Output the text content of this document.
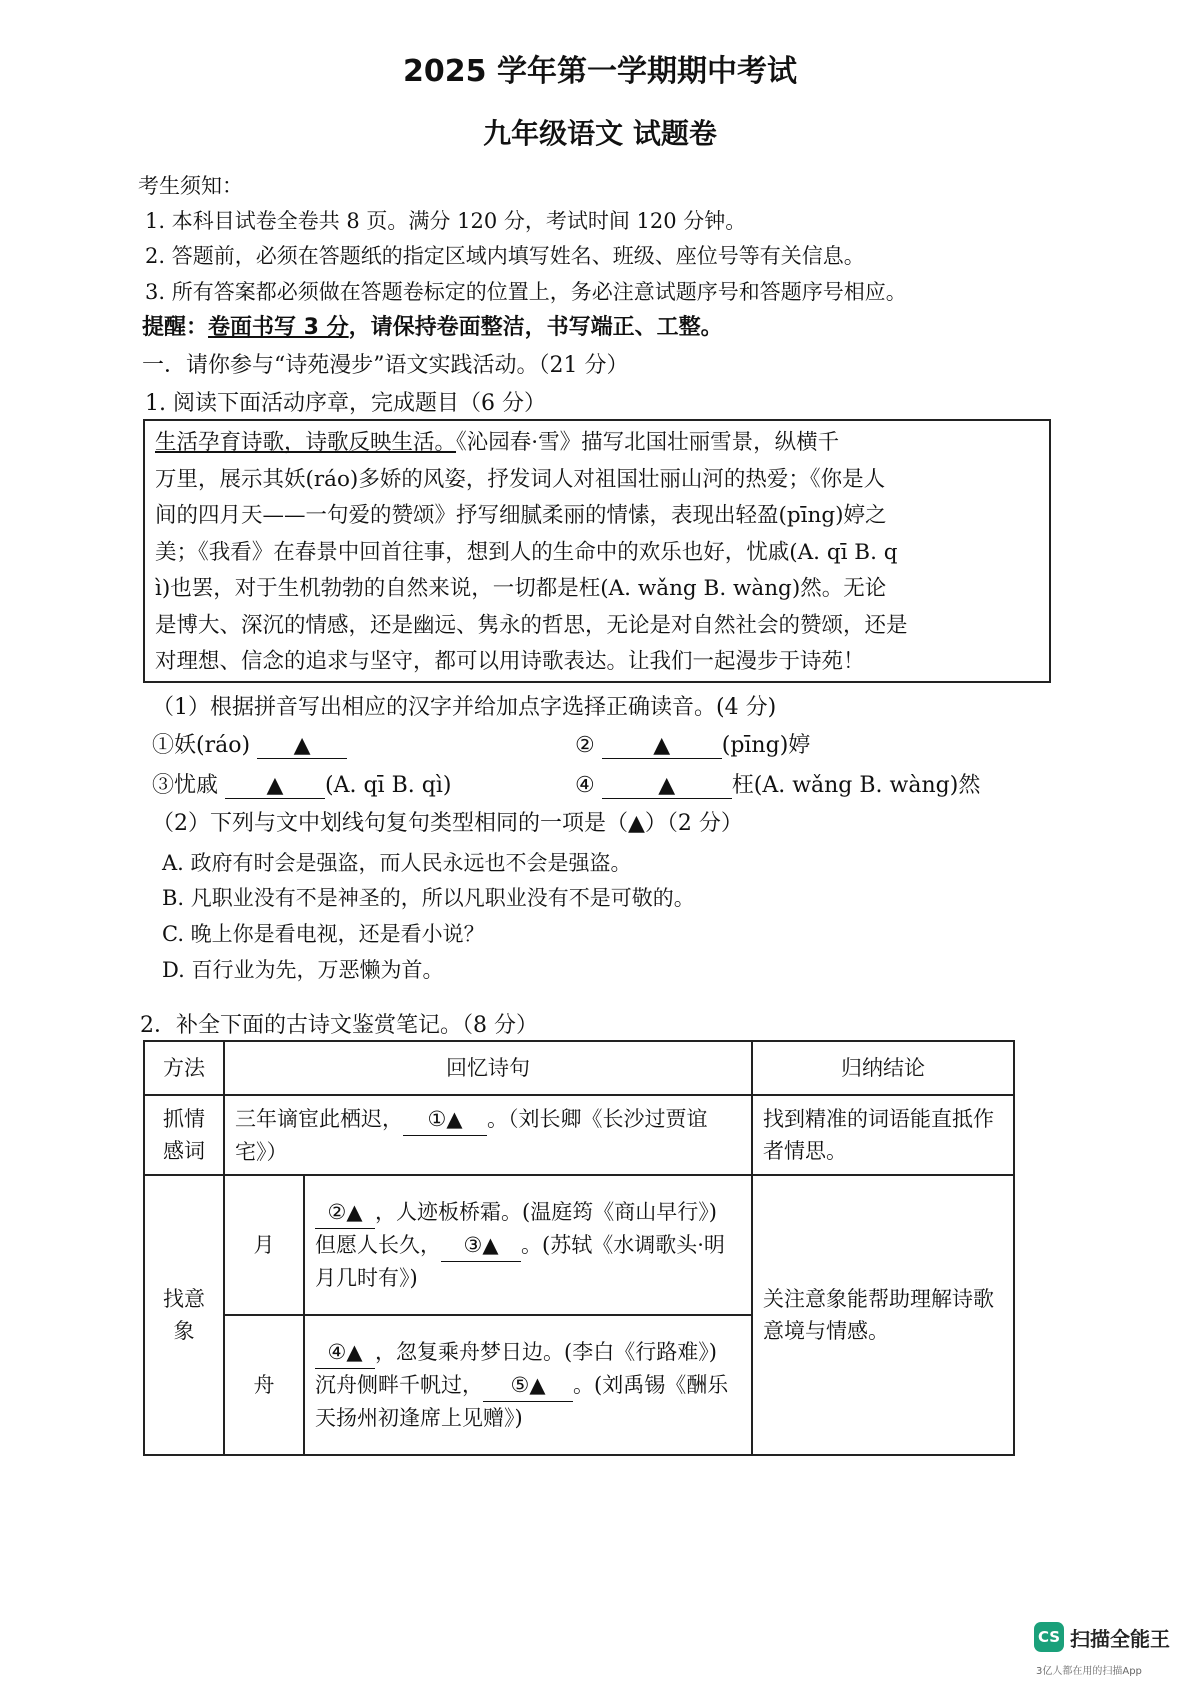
2025 学年第一学期期中考试
九年级语文 试题卷
考生须知：
1. 本科目试卷全卷共 8 页。满分 120 分，考试时间 120 分钟。
2. 答题前，必须在答题纸的指定区域内填写姓名、班级、座位号等有关信息。
3. 所有答案都必须做在答题卷标定的位置上，务必注意试题序号和答题序号相应。
提醒：卷面书写 3 分，请保持卷面整洁，书写端正、工整。
一．请你参与“诗苑漫步”语文实践活动。（21 分）
1. 阅读下面活动序章，完成题目（6 分）
生活孕育诗歌，诗歌反映生活。《沁园春·雪》描写北国壮丽雪景，纵横千
万里，展示其妖(ráo)多娇的风姿，抒发词人对祖国壮丽山河的热爱；《你是人
间的四月天——一句爱的赞颂》抒写细腻柔丽的情愫，表现出轻盈(pīng)婷之
美；《我看》在春景中回首往事，想到人的生命中的欢乐也好，忧戚(A. qī B. q
ì)也罢，对于生机勃勃的自然来说，一切都是枉(A. wǎng B. wàng)然。无论
是博大、深沉的情感，还是幽远、隽永的哲思，无论是对自然社会的赞颂，还是
对理想、信念的追求与坚守，都可以用诗歌表达。让我们一起漫步于诗苑！
（1）根据拼音写出相应的汉字并给加点字选择正确读音。(4 分)
①妖(ráo) ▲	②	▲ (pīng)婷
③忧戚 ▲ (A. qī B. qì)	④	▲	枉(A. wǎng B. wàng)然
（2）下列与文中划线句复句类型相同的一项是（▲）（2 分）
A. 政府有时会是强盗，而人民永远也不会是强盗。
B. 凡职业没有不是神圣的，所以凡职业没有不是可敬的。
C. 晚上你是看电视，还是看小说？
D. 百行业为先，万恶懒为首。
2．补全下面的古诗文鉴赏笔记。（8 分）
方法	回忆诗句		归纳结论
抓情感词	三年谪宦此栖迟， ①▲ 。（刘长卿《长沙过贾谊宅》）		找到精准的词语能直抵作者情思。
找意象	月	②▲ ，人迹板桥霜。(温庭筠《商山早行》)
但愿人长久， ③▲ 。(苏轼《水调歌头·明月几时有》)	关注意象能帮助理解诗歌意境与情感。
	舟	④▲ ，忽复乘舟梦日边。(李白《行路难》)
沉舟侧畔千帆过， ⑤▲ 。(刘禹锡《酬乐天扬州初逢席上见赠》)	
CS 扫描全能王
3亿人都在用的扫描App
